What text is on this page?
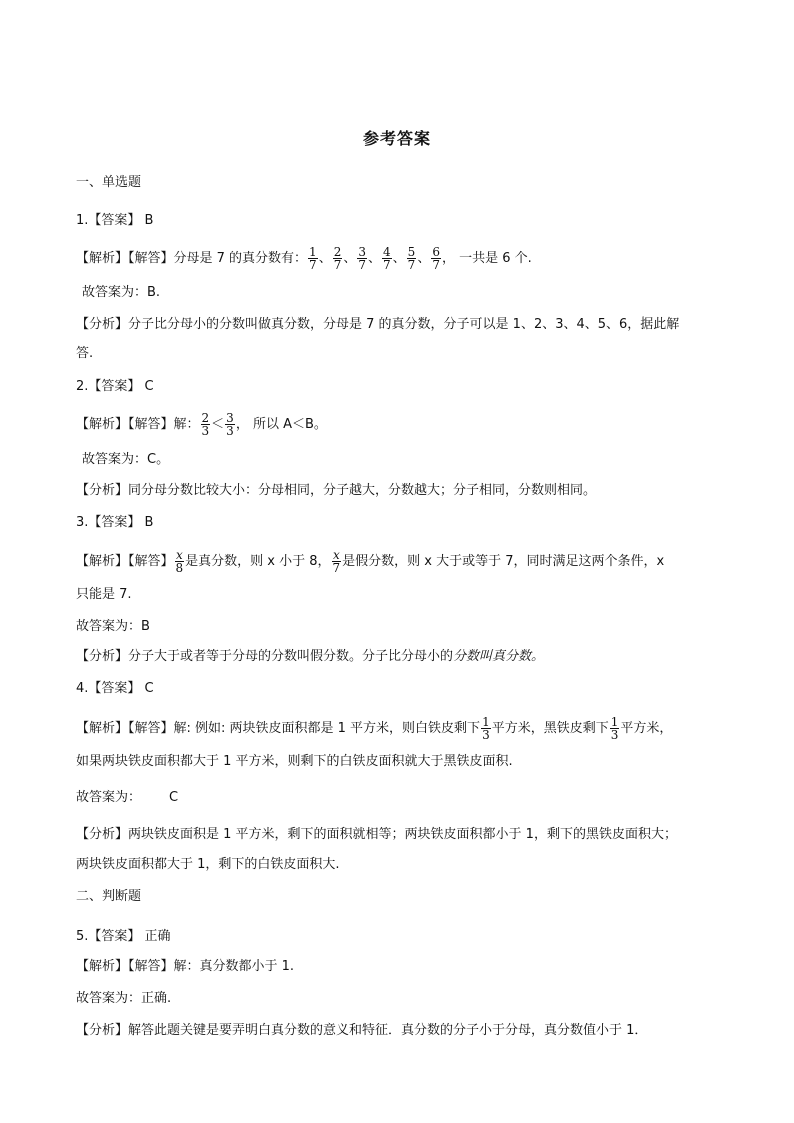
参考答案
一、单选题
1.【答案】 B
【解析】【解答】分母是 7 的真分数有： $\frac{1}{7}$ 、 $\frac{2}{7}$ 、 $\frac{3}{7}$ 、 $\frac{4}{7}$ 、 $\frac{5}{7}$ 、 $\frac{6}{7}$ ， 一共是 6 个.
故答案为：B.
【分析】分子比分母小的分数叫做真分数，分母是 7 的真分数，分子可以是 1、2、3、4、5、6，据此解
答.
2.【答案】 C
【解析】【解答】解： $\frac{2}{3} < \frac{3}{3}$ ， 所以 A＜B。
故答案为：C。
【分析】同分母分数比较大小：分母相同，分子越大，分数越大；分子相同，分数则相同。
3.【答案】 B
【解析】【解答】 $\frac{x}{8}$ 是真分数，则 x 小于 8， $\frac{x}{7}$ 是假分数，则 x 大于或等于 7，同时满足这两个条件，x
只能是 7.
故答案为：B
【分析】分子大于或者等于分母的分数叫假分数。分子比分母小的分数叫真分数。
4.【答案】 C
【解析】【解答】解: 例如: 两块铁皮面积都是 1 平方米，则白铁皮剩下 $\frac{1}{3}$ 平方米，黑铁皮剩下 $\frac{1}{3}$ 平方米，
如果两块铁皮面积都大于 1 平方米，则剩下的白铁皮面积就大于黑铁皮面积.
故答案为： C
【分析】两块铁皮面积是 1 平方米，剩下的面积就相等；两块铁皮面积都小于 1，剩下的黑铁皮面积大；
两块铁皮面积都大于 1，剩下的白铁皮面积大.
二、判断题
5.【答案】 正确
【解析】【解答】解：真分数都小于 1.
故答案为：正确.
【分析】解答此题关键是要弄明白真分数的意义和特征．真分数的分子小于分母，真分数值小于 1．
